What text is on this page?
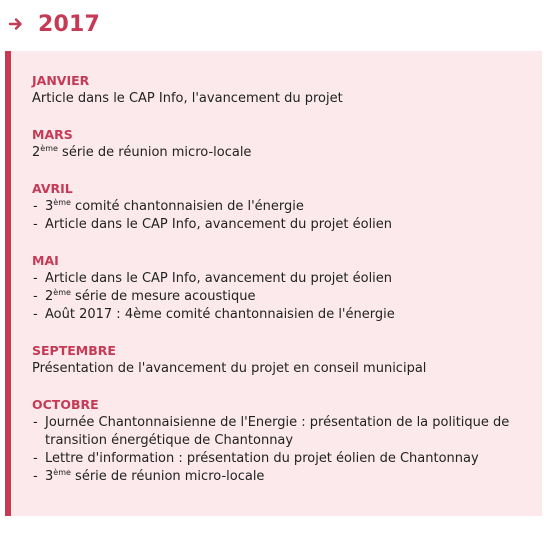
2017
JANVIER
Article dans le CAP Info, l'avancement du projet
MARS
2ème série de réunion micro-locale
AVRIL
- 3ème comité chantonnaisien de l'énergie
- Article dans le CAP Info, avancement du projet éolien
MAI
- Article dans le CAP Info, avancement du projet éolien
- 2ème série de mesure acoustique
- Août 2017 : 4ème comité chantonnaisien de l'énergie
SEPTEMBRE
Présentation de l'avancement du projet en conseil municipal
OCTOBRE
- Journée Chantonnaisienne de l'Energie : présentation de la politique de transition énergétique de Chantonnay
- Lettre d'information : présentation du projet éolien de Chantonnay
- 3ème série de réunion micro-locale
